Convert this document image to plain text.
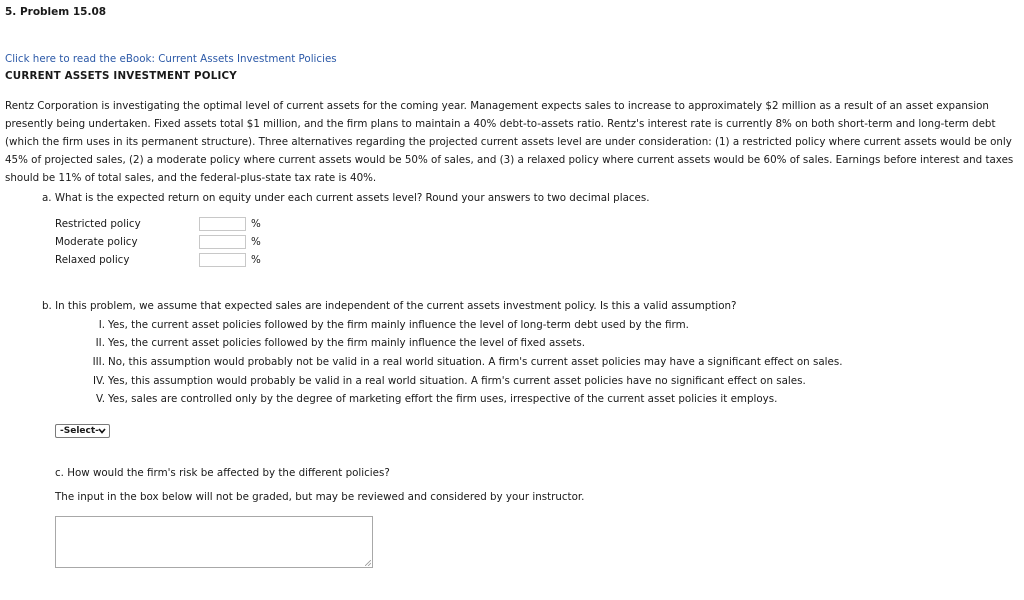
5. Problem 15.08
Click here to read the eBook: Current Assets Investment Policies
CURRENT ASSETS INVESTMENT POLICY
Rentz Corporation is investigating the optimal level of current assets for the coming year. Management expects sales to increase to approximately $2 million as a result of an asset expansion
presently being undertaken. Fixed assets total $1 million, and the firm plans to maintain a 40% debt-to-assets ratio. Rentz's interest rate is currently 8% on both short-term and long-term debt
(which the firm uses in its permanent structure). Three alternatives regarding the projected current assets level are under consideration: (1) a restricted policy where current assets would be only
45% of projected sales, (2) a moderate policy where current assets would be 50% of sales, and (3) a relaxed policy where current assets would be 60% of sales. Earnings before interest and taxes
should be 11% of total sales, and the federal-plus-state tax rate is 40%.
a. What is the expected return on equity under each current assets level? Round your answers to two decimal places.
Restricted policy	%
Moderate policy	%
Relaxed policy	%
b. In this problem, we assume that expected sales are independent of the current assets investment policy. Is this a valid assumption?
I. Yes, the current asset policies followed by the firm mainly influence the level of long-term debt used by the firm.
II. Yes, the current asset policies followed by the firm mainly influence the level of fixed assets.
III. No, this assumption would probably not be valid in a real world situation. A firm's current asset policies may have a significant effect on sales.
IV. Yes, this assumption would probably be valid in a real world situation. A firm's current asset policies have no significant effect on sales.
V. Yes, sales are controlled only by the degree of marketing effort the firm uses, irrespective of the current asset policies it employs.
-Select-
c. How would the firm's risk be affected by the different policies?
The input in the box below will not be graded, but may be reviewed and considered by your instructor.
